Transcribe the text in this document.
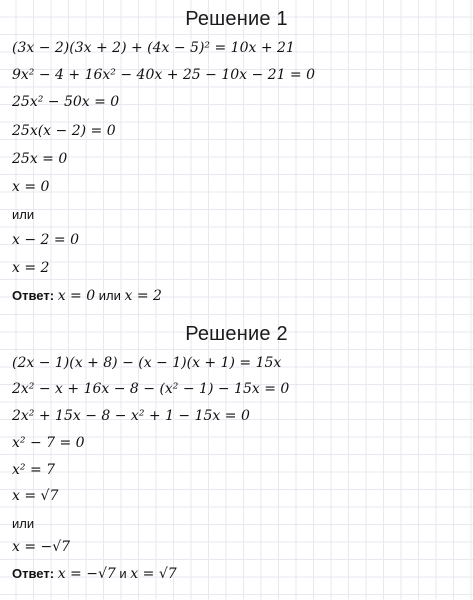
Решение 1
(3x − 2)(3x + 2) + (4x − 5)² = 10x + 21
9x² − 4 + 16x² − 40x + 25 − 10x − 21 = 0
25x² − 50x = 0
25x(x − 2) = 0
25x = 0
x = 0
или
x − 2 = 0
x = 2
Ответ: x = 0 или x = 2
Решение 2
(2x − 1)(x + 8) − (x − 1)(x + 1) = 15x
2x² − x + 16x − 8 − (x² − 1) − 15x = 0
2x² + 15x − 8 − x² + 1 − 15x = 0
x² − 7 = 0
x² = 7
x = √7
или
x = −√7
Ответ: x = −√7 и x = √7
